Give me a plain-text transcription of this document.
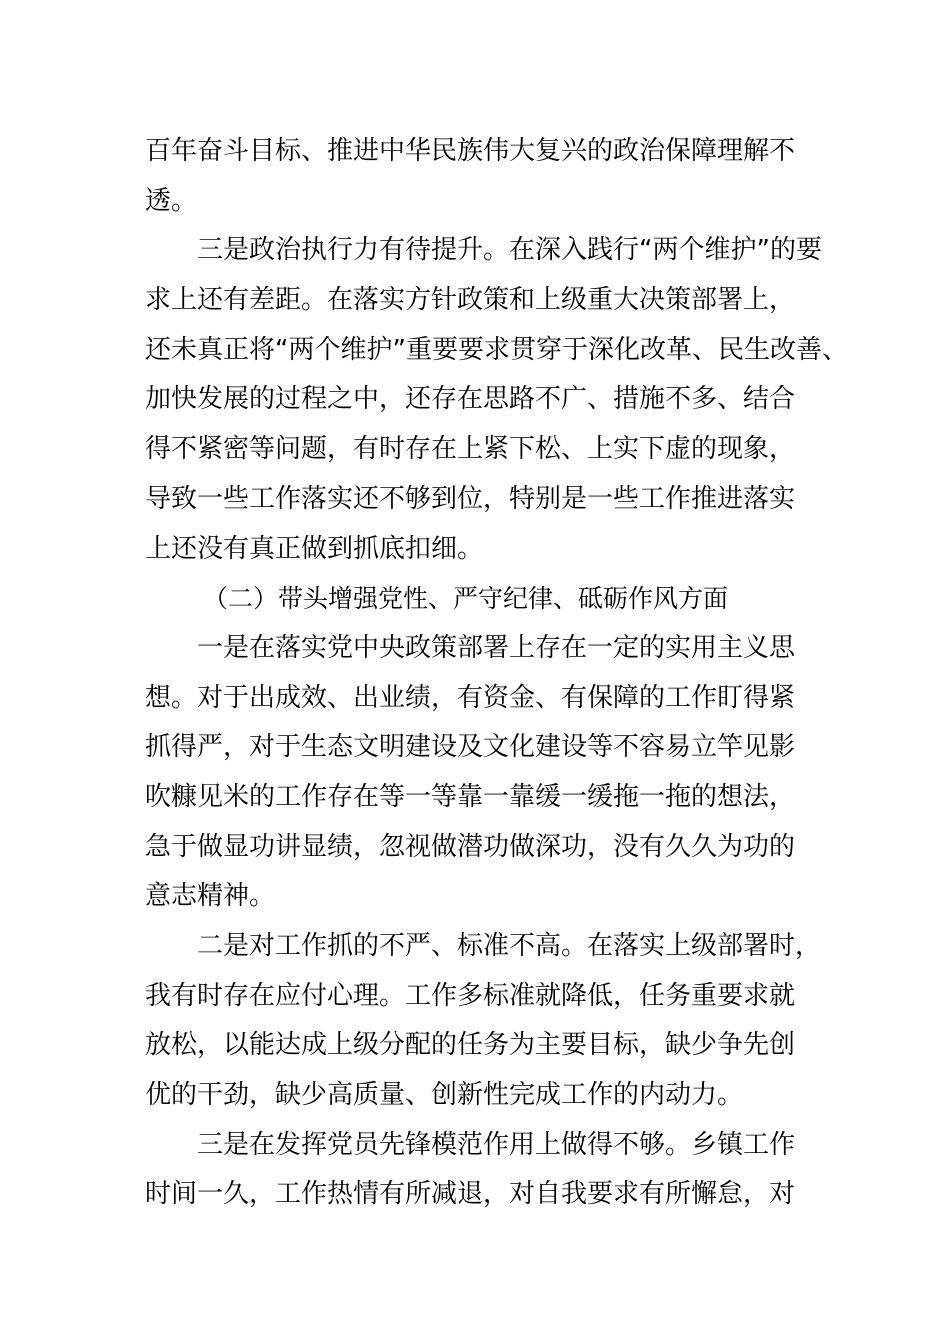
百年奋斗目标、推进中华民族伟大复兴的政治保障理解不
透。
三是政治执行力有待提升。在深入践行“两个维护”的要
求上还有差距。在落实方针政策和上级重大决策部署上，
还未真正将“两个维护”重要要求贯穿于深化改革、民生改善、
加快发展的过程之中，还存在思路不广、措施不多、结合
得不紧密等问题，有时存在上紧下松、上实下虚的现象，
导致一些工作落实还不够到位，特别是一些工作推进落实
上还没有真正做到抓底扣细。
（二）带头增强党性、严守纪律、砥砺作风方面
一是在落实党中央政策部署上存在一定的实用主义思
想。对于出成效、出业绩，有资金、有保障的工作盯得紧
抓得严，对于生态文明建设及文化建设等不容易立竿见影
吹糠见米的工作存在等一等靠一靠缓一缓拖一拖的想法，
急于做显功讲显绩，忽视做潜功做深功，没有久久为功的
意志精神。
二是对工作抓的不严、标准不高。在落实上级部署时，
我有时存在应付心理。工作多标准就降低，任务重要求就
放松，以能达成上级分配的任务为主要目标，缺少争先创
优的干劲，缺少高质量、创新性完成工作的内动力。
三是在发挥党员先锋模范作用上做得不够。乡镇工作
时间一久，工作热情有所减退，对自我要求有所懈怠，对
